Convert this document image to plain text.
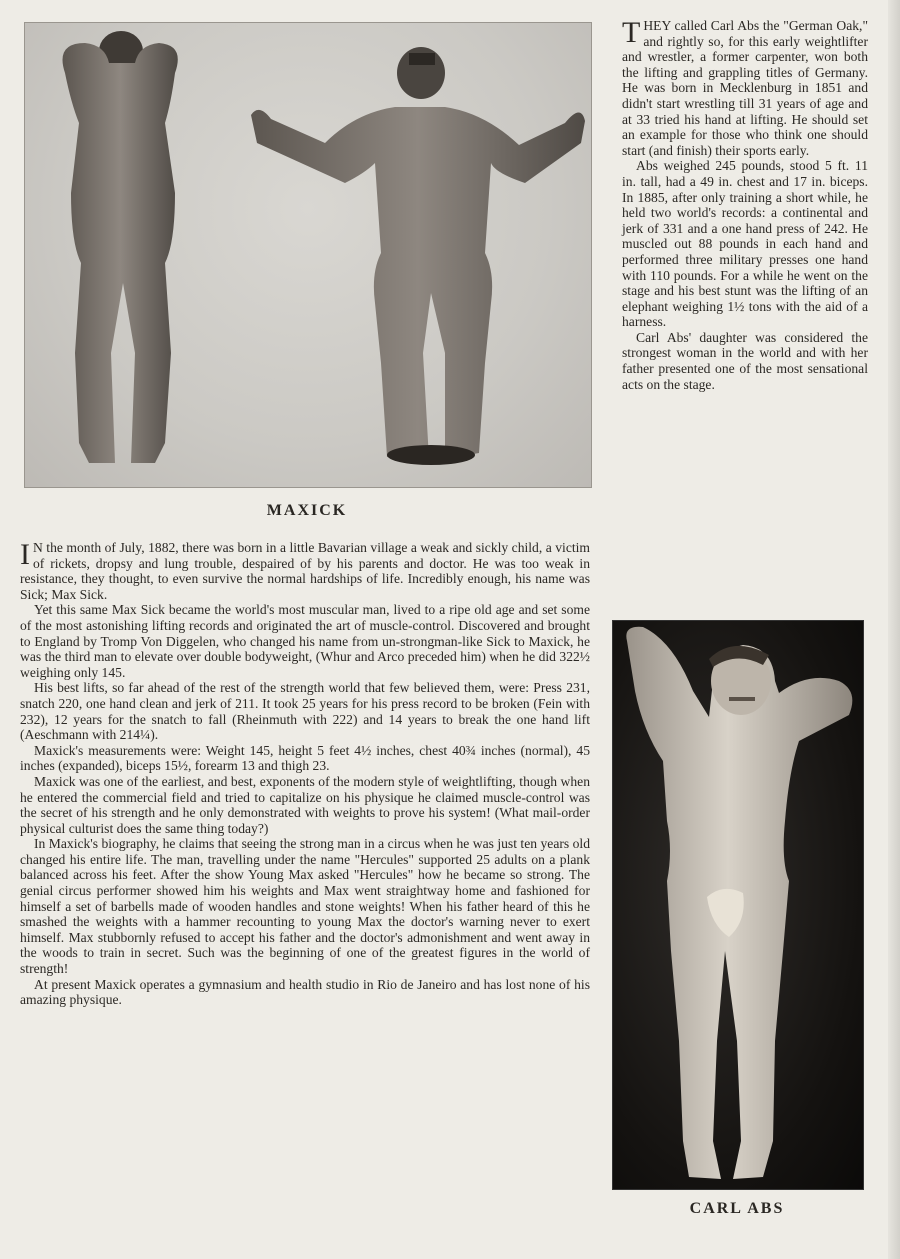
MAXICK

I N the month of July, 1882, there was born in a little Bavarian village a weak and sickly child, a victim of rickets, dropsy and lung trouble, despaired of by his parents and doctor. He was too weak in resistance, they thought, to even survive the normal hardships of life. Incredibly enough, his name was Sick; Max Sick.

Yet this same Max Sick became the world's most muscular man, lived to a ripe old age and set some of the most astonishing lifting records and originated the art of muscle-control. Discovered and brought to England by Tromp Von Diggelen, who changed his name from un-strongman-like Sick to Maxick, he was the third man to elevate over double bodyweight, (Whur and Arco preceded him) when he did 322½ weighing only 145.

His best lifts, so far ahead of the rest of the strength world that few believed them, were: Press 231, snatch 220, one hand clean and jerk of 211. It took 25 years for his press record to be broken (Fein with 232), 12 years for the snatch to fall (Rheinmuth with 222) and 14 years to break the one hand lift (Aeschmann with 214¼).

Maxick's measurements were: Weight 145, height 5 feet 4½ inches, chest 40¾ inches (normal), 45 inches (expanded), biceps 15½, forearm 13 and thigh 23.

Maxick was one of the earliest, and best, exponents of the modern style of weightlifting, though when he entered the commercial field and tried to capitalize on his physique he claimed muscle-control was the secret of his strength and he only demonstrated with weights to prove his system! (What mail-order physical culturist does the same thing today?)

In Maxick's biography, he claims that seeing the strong man in a circus when he was just ten years old changed his entire life. The man, travelling under the name "Hercules" supported 25 adults on a plank balanced across his feet. After the show Young Max asked "Hercules" how he became so strong. The genial circus performer showed him his weights and Max went straightway home and fashioned for himself a set of barbells made of wooden handles and stone weights! When his father heard of this he smashed the weights with a hammer recounting to young Max the doctor's warning never to exert himself. Max stubbornly refused to accept his father and the doctor's admonishment and went away in the woods to train in secret. Such was the beginning of one of the greatest figures in the world of strength!

At present Maxick operates a gymnasium and health studio in Rio de Janeiro and has lost none of his amazing physique.

THEY called Carl Abs the "German Oak," and rightly so, for this early weightlifter and wrestler, a former carpenter, won both the lifting and grappling titles of Germany. He was born in Mecklenburg in 1851 and didn't start wrestling till 31 years of age and at 33 tried his hand at lifting. He should set an example for those who think one should start (and finish) their sports early.

Abs weighed 245 pounds, stood 5 ft. 11 in. tall, had a 49 in. chest and 17 in. biceps. In 1885, after only training a short while, he held two world's records: a continental and jerk of 331 and a one hand press of 242. He muscled out 88 pounds in each hand and performed three military presses one hand with 110 pounds. For a while he went on the stage and his best stunt was the lifting of an elephant weighing 1½ tons with the aid of a harness.

Carl Abs' daughter was considered the strongest woman in the world and with her father presented one of the most sensational acts on the stage.

CARL ABS
